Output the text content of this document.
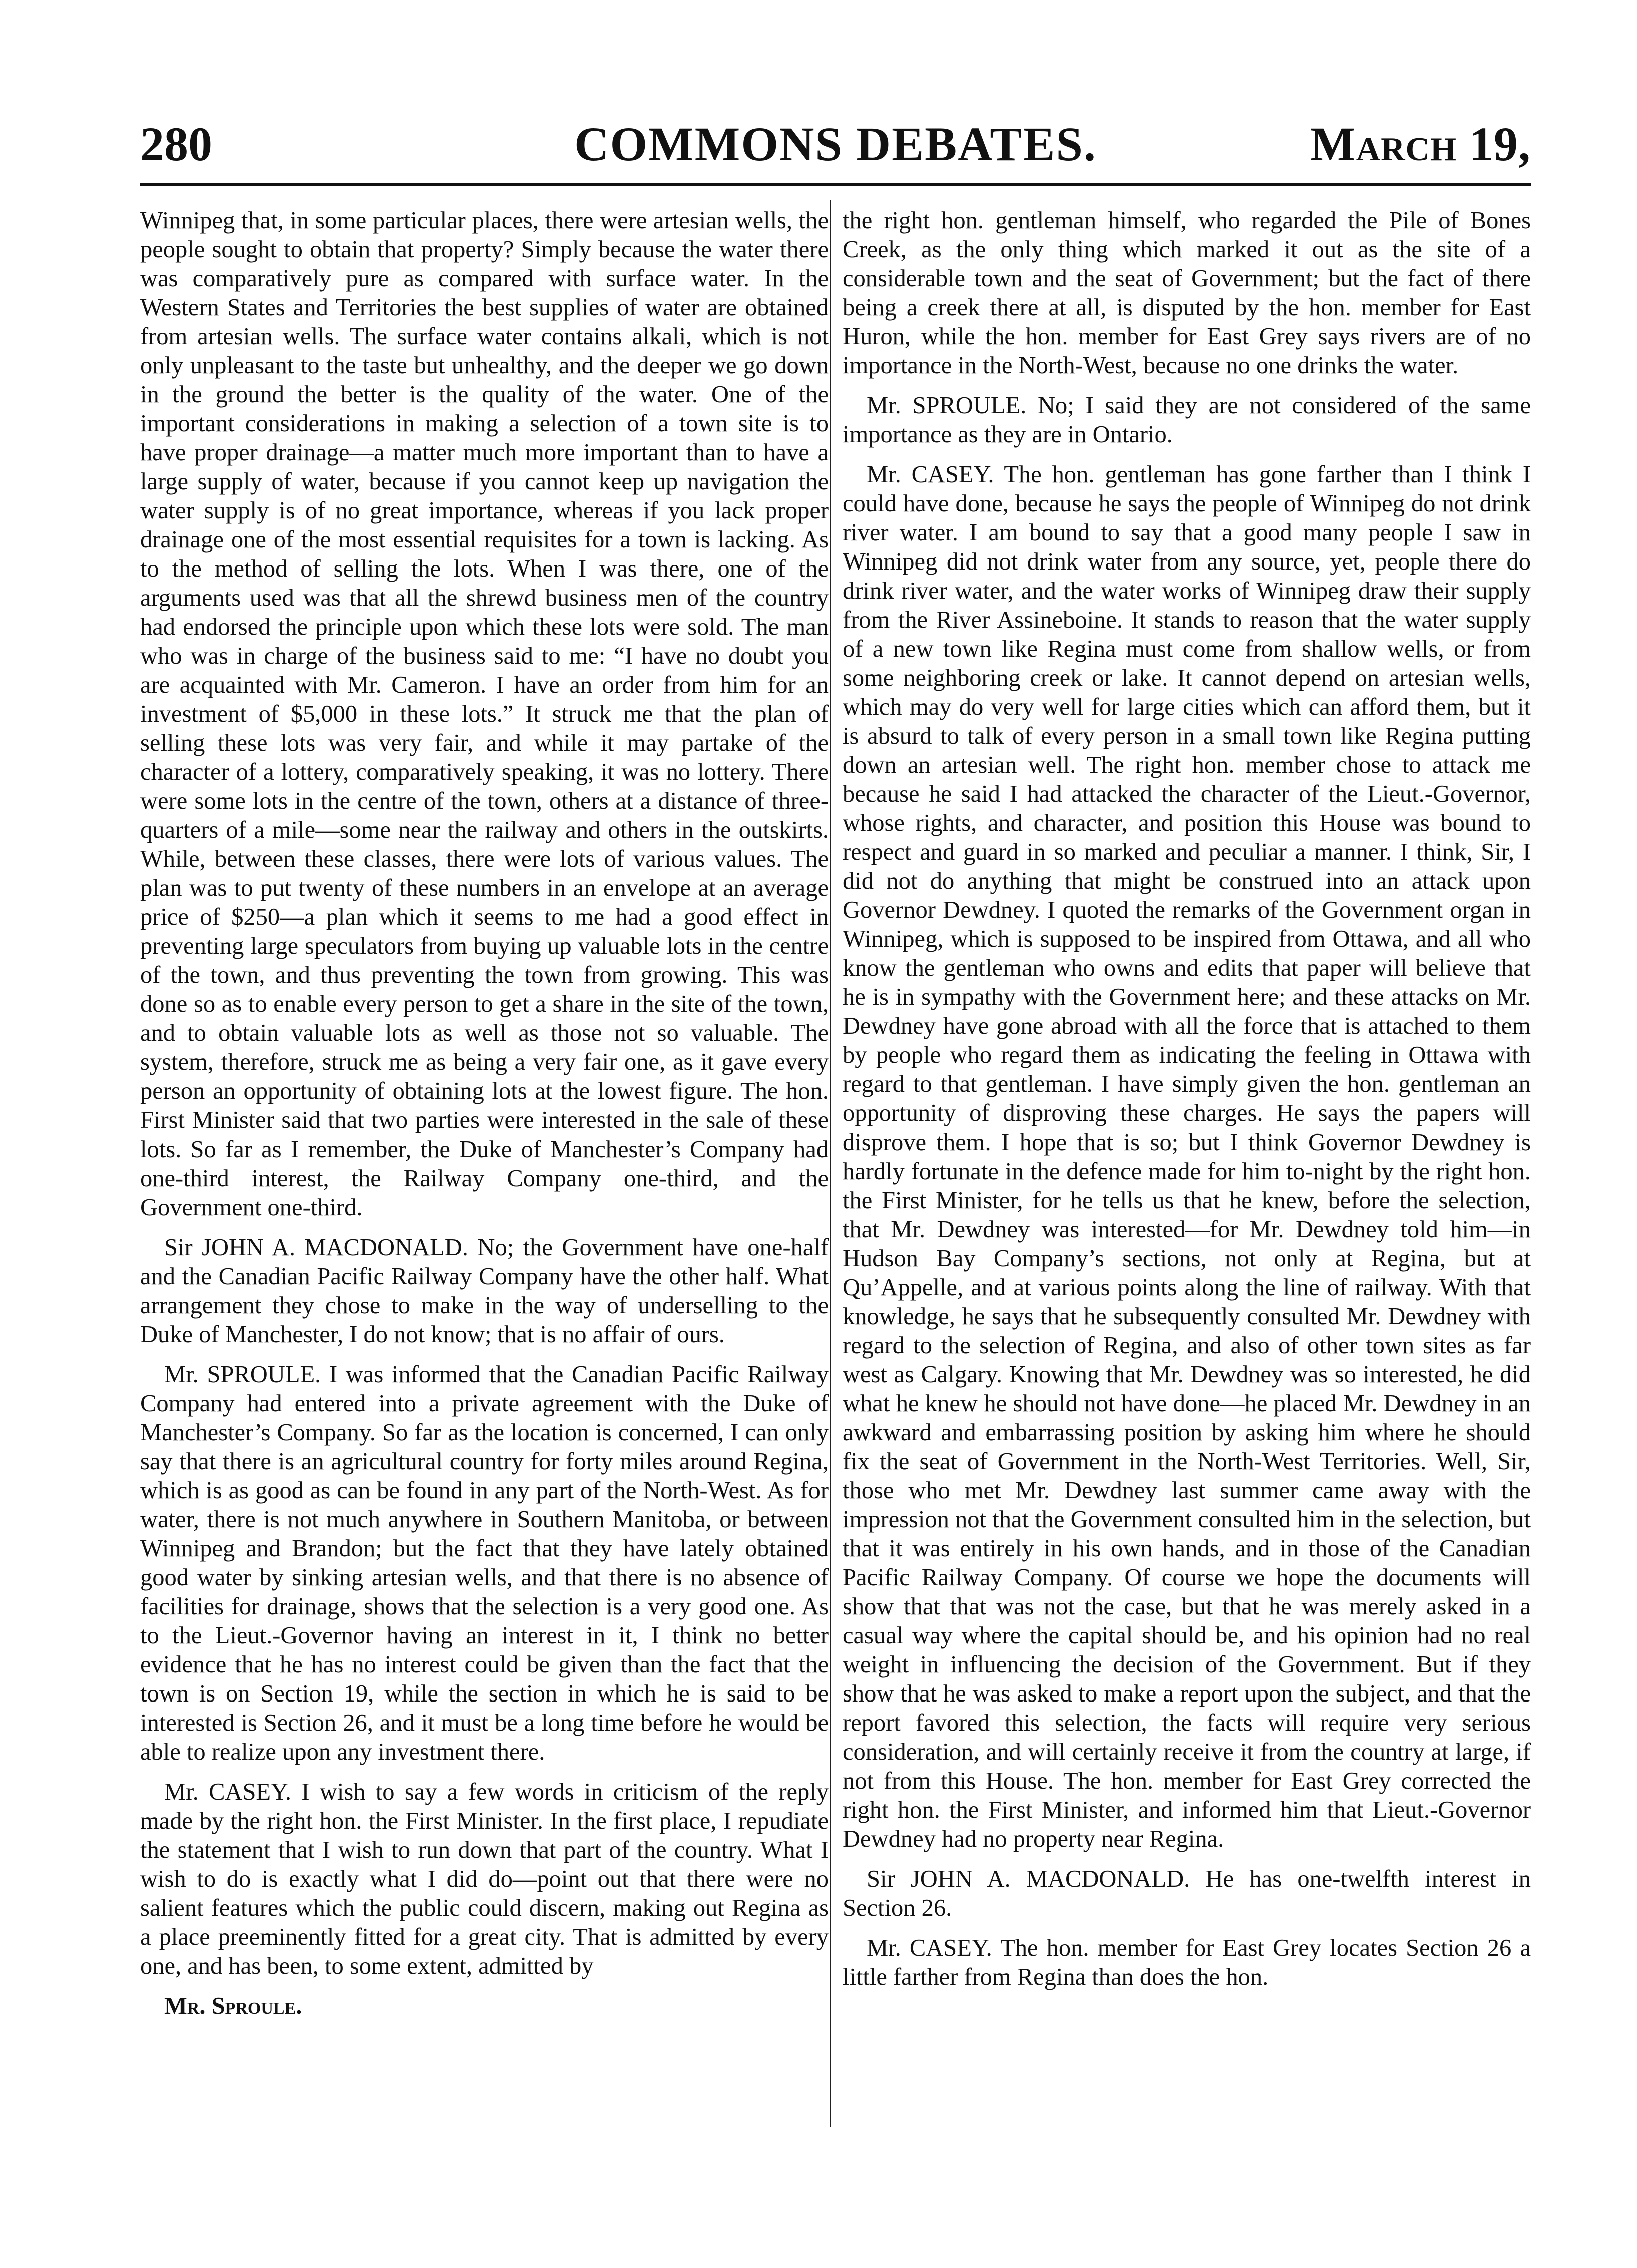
280	COMMONS DEBATES.	March 19,

Winnipeg that, in some particular places, there were artesian wells, the people sought to obtain that property? Simply because the water there was comparatively pure as compared with surface water. In the Western States and Territories the best supplies of water are obtained from artesian wells. The surface water contains alkali, which is not only unpleasant to the taste but unhealthy, and the deeper we go down in the ground the better is the quality of the water. One of the important considerations in making a selection of a town site is to have proper drainage—a matter much more important than to have a large supply of water, because if you cannot keep up navigation the water supply is of no great importance, whereas if you lack proper drainage one of the most essential requisites for a town is lacking. As to the method of selling the lots. When I was there, one of the arguments used was that all the shrewd business men of the country had endorsed the principle upon which these lots were sold. The man who was in charge of the business said to me: “I have no doubt you are acquainted with Mr. Cameron. I have an order from him for an investment of $5,000 in these lots.” It struck me that the plan of selling these lots was very fair, and while it may partake of the character of a lottery, comparatively speaking, it was no lottery. There were some lots in the centre of the town, others at a distance of three-quarters of a mile—some near the railway and others in the outskirts. While, between these classes, there were lots of various values. The plan was to put twenty of these numbers in an envelope at an average price of $250—a plan which it seems to me had a good effect in preventing large speculators from buying up valuable lots in the centre of the town, and thus preventing the town from growing. This was done so as to enable every person to get a share in the site of the town, and to obtain valuable lots as well as those not so valuable. The system, therefore, struck me as being a very fair one, as it gave every person an opportunity of obtaining lots at the lowest figure. The hon. First Minister said that two parties were interested in the sale of these lots. So far as I remember, the Duke of Manchester’s Company had one-third interest, the Railway Company one-third, and the Government one-third.

Sir JOHN A. MACDONALD. No; the Government have one-half and the Canadian Pacific Railway Company have the other half. What arrangement they chose to make in the way of underselling to the Duke of Manchester, I do not know; that is no affair of ours.

Mr. SPROULE. I was informed that the Canadian Pacific Railway Company had entered into a private agreement with the Duke of Manchester’s Company. So far as the location is concerned, I can only say that there is an agricultural country for forty miles around Regina, which is as good as can be found in any part of the North-West. As for water, there is not much anywhere in Southern Manitoba, or between Winnipeg and Brandon; but the fact that they have lately obtained good water by sinking artesian wells, and that there is no absence of facilities for drainage, shows that the selection is a very good one. As to the Lieut.-Governor having an interest in it, I think no better evidence that he has no interest could be given than the fact that the town is on Section 19, while the section in which he is said to be interested is Section 26, and it must be a long time before he would be able to realize upon any investment there.

Mr. CASEY. I wish to say a few words in criticism of the reply made by the right hon. the First Minister. In the first place, I repudiate the statement that I wish to run down that part of the country. What I wish to do is exactly what I did do—point out that there were no salient features which the public could discern, making out Regina as a place preeminently fitted for a great city. That is admitted by every one, and has been, to some extent, admitted by

Mr. Sproule.

the right hon. gentleman himself, who regarded the Pile of Bones Creek, as the only thing which marked it out as the site of a considerable town and the seat of Government; but the fact of there being a creek there at all, is disputed by the hon. member for East Huron, while the hon. member for East Grey says rivers are of no importance in the North-West, because no one drinks the water.

Mr. SPROULE. No; I said they are not considered of the same importance as they are in Ontario.

Mr. CASEY. The hon. gentleman has gone farther than I think I could have done, because he says the people of Winnipeg do not drink river water. I am bound to say that a good many people I saw in Winnipeg did not drink water from any source, yet, people there do drink river water, and the water works of Winnipeg draw their supply from the River Assineboine. It stands to reason that the water supply of a new town like Regina must come from shallow wells, or from some neighboring creek or lake. It cannot depend on artesian wells, which may do very well for large cities which can afford them, but it is absurd to talk of every person in a small town like Regina putting down an artesian well. The right hon. member chose to attack me because he said I had attacked the character of the Lieut.-Governor, whose rights, and character, and position this House was bound to respect and guard in so marked and peculiar a manner. I think, Sir, I did not do anything that might be construed into an attack upon Governor Dewdney. I quoted the remarks of the Government organ in Winnipeg, which is supposed to be inspired from Ottawa, and all who know the gentleman who owns and edits that paper will believe that he is in sympathy with the Government here; and these attacks on Mr. Dewdney have gone abroad with all the force that is attached to them by people who regard them as indicating the feeling in Ottawa with regard to that gentleman. I have simply given the hon. gentleman an opportunity of disproving these charges. He says the papers will disprove them. I hope that is so; but I think Governor Dewdney is hardly fortunate in the defence made for him to-night by the right hon. the First Minister, for he tells us that he knew, before the selection, that Mr. Dewdney was interested—for Mr. Dewdney told him—in Hudson Bay Company’s sections, not only at Regina, but at Qu’Appelle, and at various points along the line of railway. With that knowledge, he says that he subsequently consulted Mr. Dewdney with regard to the selection of Regina, and also of other town sites as far west as Calgary. Knowing that Mr. Dewdney was so interested, he did what he knew he should not have done—he placed Mr. Dewdney in an awkward and embarrassing position by asking him where he should fix the seat of Government in the North-West Territories. Well, Sir, those who met Mr. Dewdney last summer came away with the impression not that the Government consulted him in the selection, but that it was entirely in his own hands, and in those of the Canadian Pacific Railway Company. Of course we hope the documents will show that that was not the case, but that he was merely asked in a casual way where the capital should be, and his opinion had no real weight in influencing the decision of the Government. But if they show that he was asked to make a report upon the subject, and that the report favored this selection, the facts will require very serious consideration, and will certainly receive it from the country at large, if not from this House. The hon. member for East Grey corrected the right hon. the First Minister, and informed him that Lieut.-Governor Dewdney had no property near Regina.

Sir JOHN A. MACDONALD. He has one-twelfth interest in Section 26.

Mr. CASEY. The hon. member for East Grey locates Section 26 a little farther from Regina than does the hon.
